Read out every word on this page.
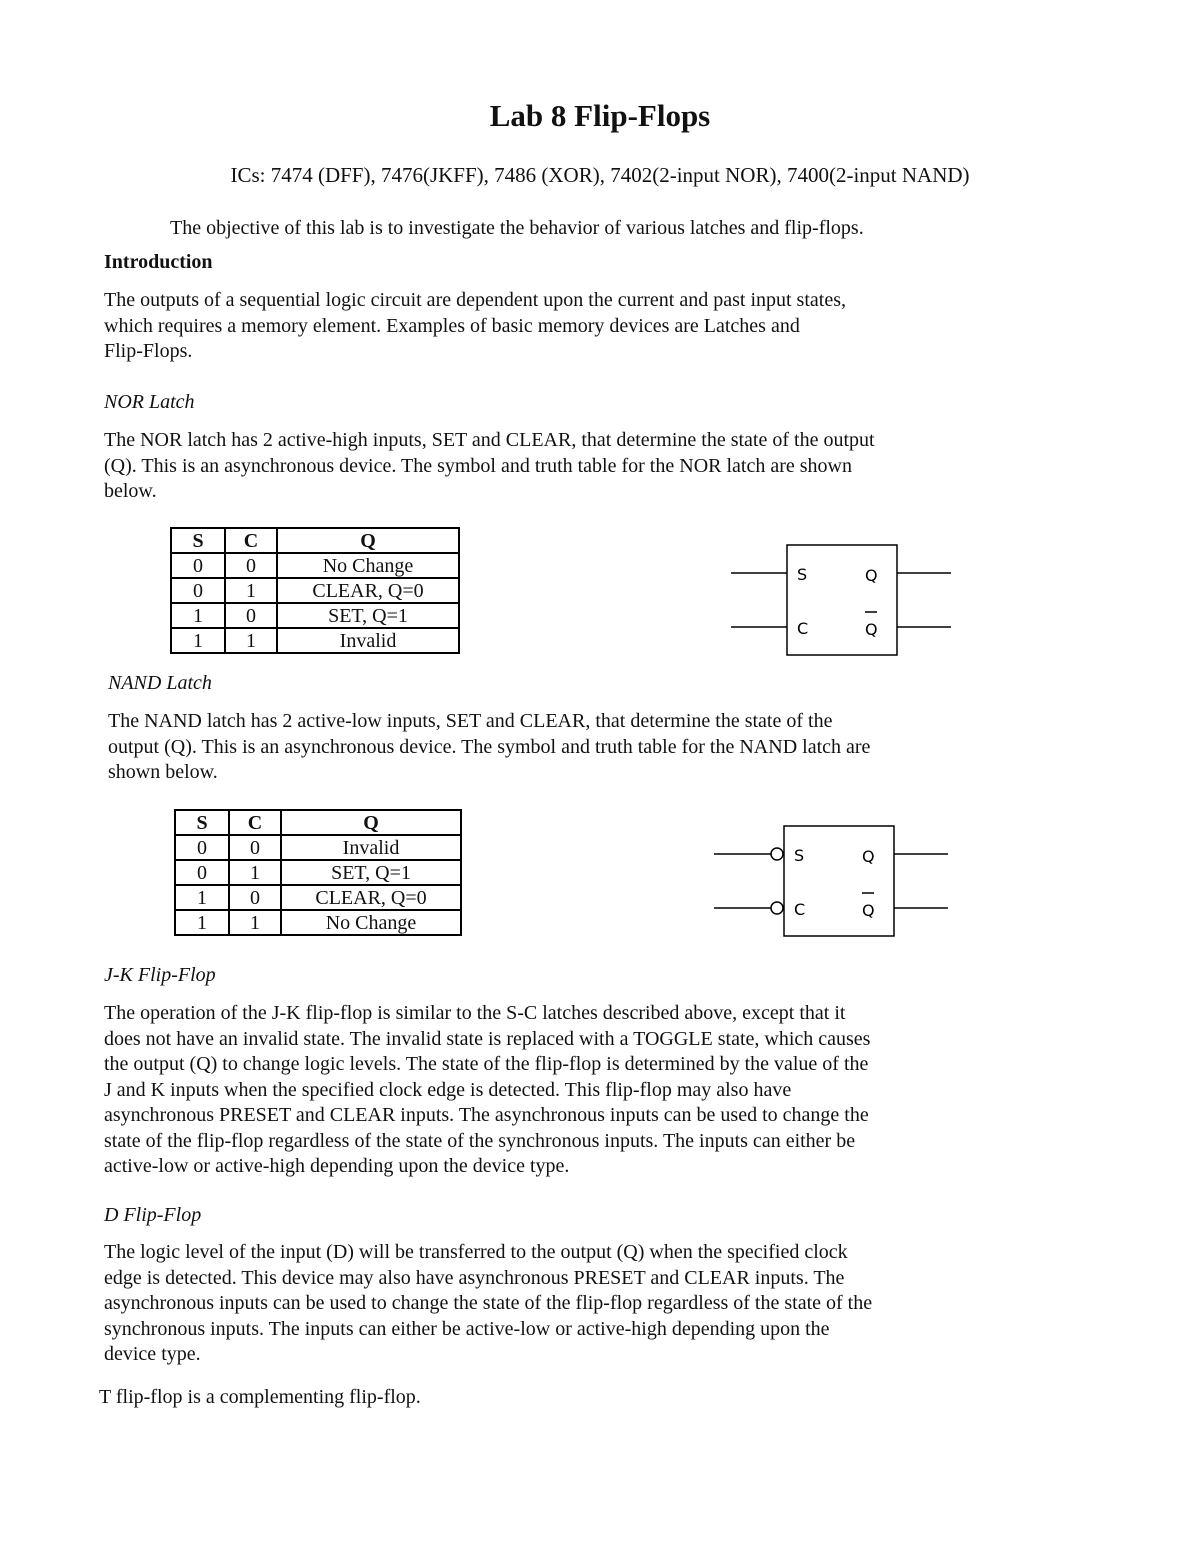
Lab 8 Flip-Flops
ICs: 7474 (DFF), 7476(JKFF), 7486 (XOR), 7402(2-input NOR), 7400(2-input NAND)
The objective of this lab is to investigate the behavior of various latches and flip-flops.
Introduction
The outputs of a sequential logic circuit are dependent upon the current and past input states,
which requires a memory element. Examples of basic memory devices are Latches and
Flip-Flops.
NOR Latch
The NOR latch has 2 active-high inputs, SET and CLEAR, that determine the state of the output
(Q). This is an asynchronous device. The symbol and truth table for the NOR latch are shown
below.
S	C	Q
0	0	No Change
0	1	CLEAR, Q=0
1	0	SET, Q=1
1	1	Invalid
S
C
Q
Q
NAND Latch
The NAND latch has 2 active-low inputs, SET and CLEAR, that determine the state of the
output (Q). This is an asynchronous device. The symbol and truth table for the NAND latch are
shown below.
S	C	Q
0	0	Invalid
0	1	SET, Q=1
1	0	CLEAR, Q=0
1	1	No Change
S
C
Q
Q
J-K Flip-Flop
The operation of the J-K flip-flop is similar to the S-C latches described above, except that it
does not have an invalid state. The invalid state is replaced with a TOGGLE state, which causes
the output (Q) to change logic levels. The state of the flip-flop is determined by the value of the
J and K inputs when the specified clock edge is detected. This flip-flop may also have
asynchronous PRESET and CLEAR inputs. The asynchronous inputs can be used to change the
state of the flip-flop regardless of the state of the synchronous inputs. The inputs can either be
active-low or active-high depending upon the device type.
D Flip-Flop
The logic level of the input (D) will be transferred to the output (Q) when the specified clock
edge is detected. This device may also have asynchronous PRESET and CLEAR inputs. The
asynchronous inputs can be used to change the state of the flip-flop regardless of the state of the
synchronous inputs. The inputs can either be active-low or active-high depending upon the
device type.
T flip-flop is a complementing flip-flop.
